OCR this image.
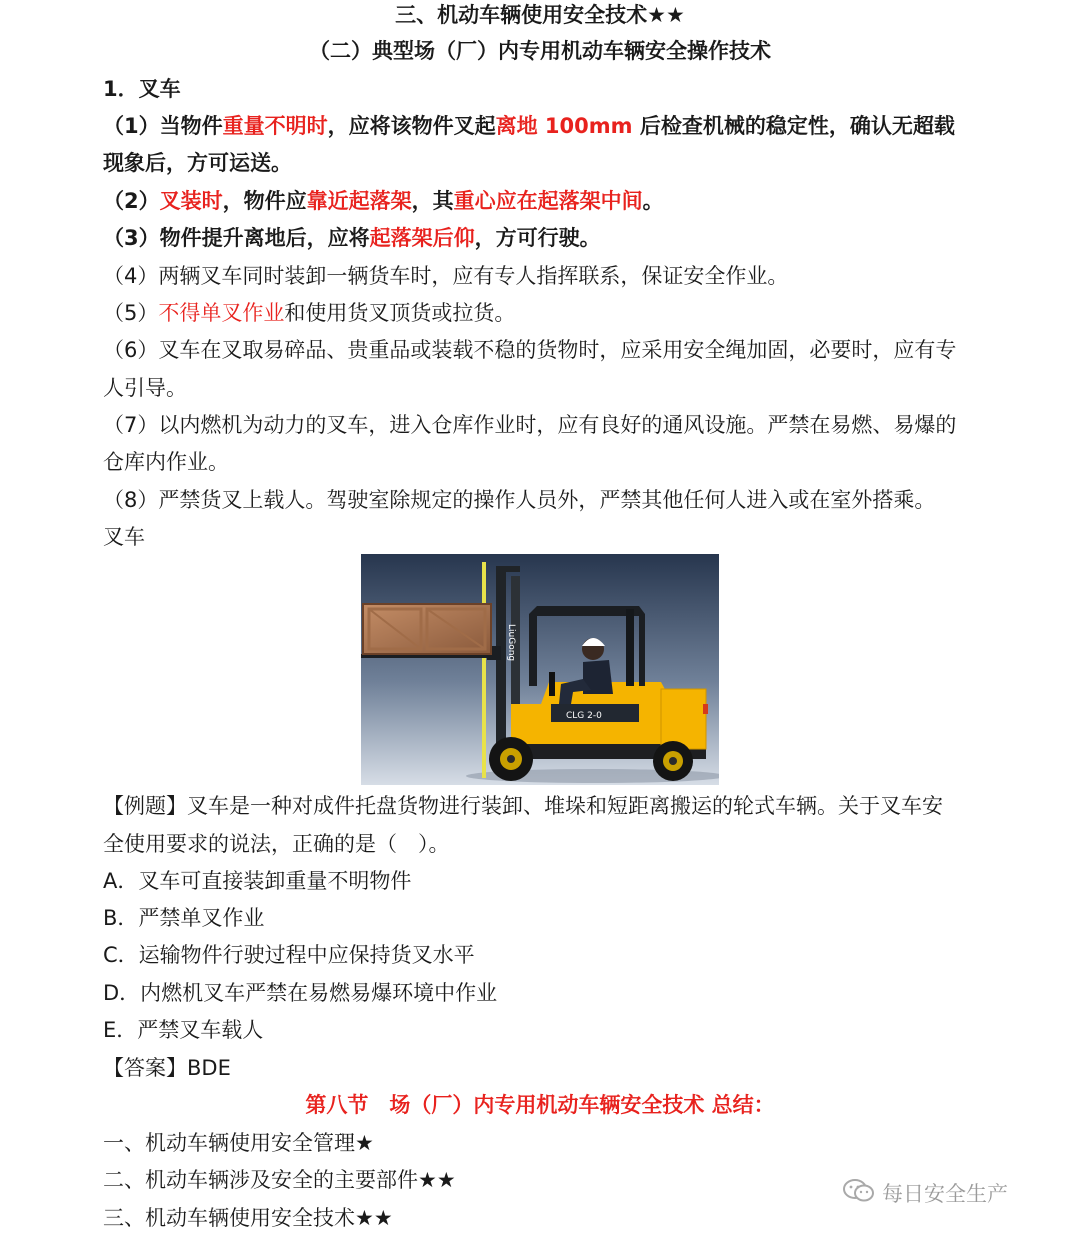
三、机动车辆使用安全技术★★
（二）典型场（厂）内专用机动车辆安全操作技术
1．叉车
（1）当物件重量不明时，应将该物件叉起离地 100mm 后检查机械的稳定性，确认无超载
现象后，方可运送。
（2）叉装时，物件应靠近起落架，其重心应在起落架中间。
（3）物件提升离地后，应将起落架后仰，方可行驶。
（4）两辆叉车同时装卸一辆货车时，应有专人指挥联系，保证安全作业。
（5）不得单叉作业和使用货叉顶货或拉货。
（6）叉车在叉取易碎品、贵重品或装载不稳的货物时，应采用安全绳加固，必要时，应有专
人引导。
（7）以内燃机为动力的叉车，进入仓库作业时，应有良好的通风设施。严禁在易燃、易爆的
仓库内作业。
（8）严禁货叉上载人。驾驶室除规定的操作人员外，严禁其他任何人进入或在室外搭乘。
叉车
CLG 2-0
LiuGong
【例题】叉车是一种对成件托盘货物进行装卸、堆垛和短距离搬运的轮式车辆。关于叉车安
全使用要求的说法，正确的是（　）。
A．叉车可直接装卸重量不明物件
B．严禁单叉作业
C．运输物件行驶过程中应保持货叉水平
D．内燃机叉车严禁在易燃易爆环境中作业
E．严禁叉车载人
【答案】BDE
第八节　场（厂）内专用机动车辆安全技术 总结：
一、机动车辆使用安全管理★
二、机动车辆涉及安全的主要部件★★
三、机动车辆使用安全技术★★
每日安全生产
